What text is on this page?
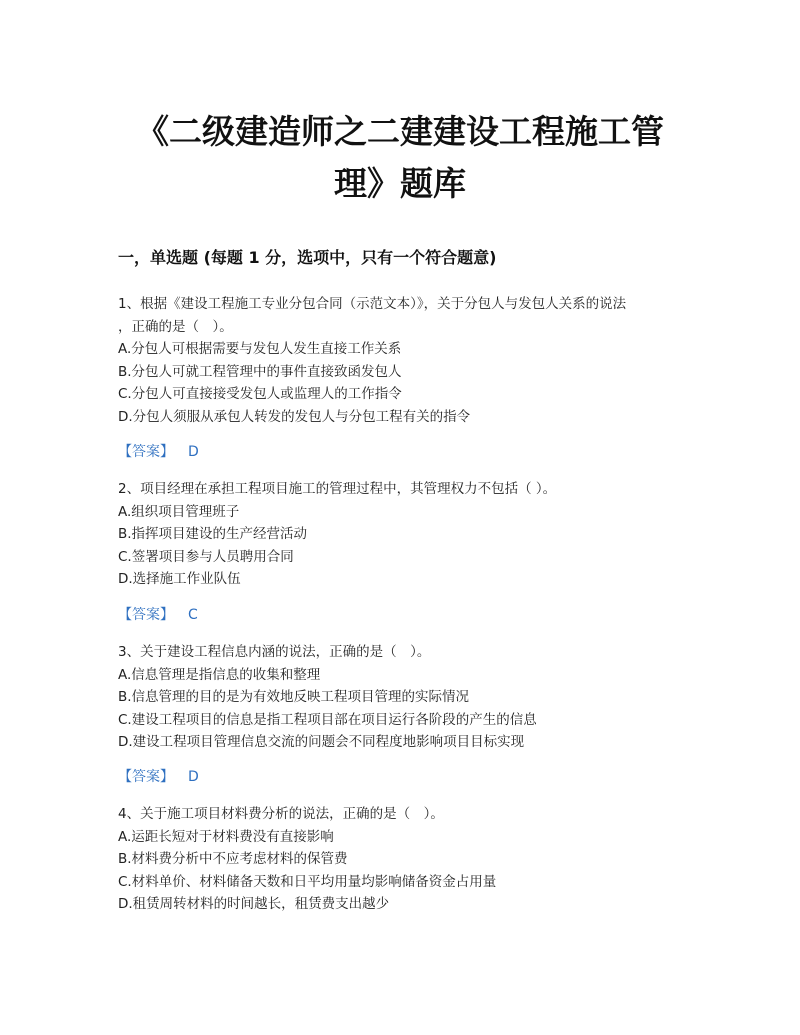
《二级建造师之二建建设工程施工管
理》题库
一，单选题 (每题 1 分，选项中，只有一个符合题意)
1、根据《建设工程施工专业分包合同（示范文本）》，关于分包人与发包人关系的说法
，正确的是（　）。
A.分包人可根据需要与发包人发生直接工作关系
B.分包人可就工程管理中的事件直接致函发包人
C.分包人可直接接受发包人或监理人的工作指令
D.分包人须服从承包人转发的发包人与分包工程有关的指令
【答案】 D
2、项目经理在承担工程项目施工的管理过程中，其管理权力不包括（ ）。
A.组织项目管理班子
B.指挥项目建设的生产经营活动
C.签署项目参与人员聘用合同
D.选择施工作业队伍
【答案】 C
3、关于建设工程信息内涵的说法，正确的是（　）。
A.信息管理是指信息的收集和整理
B.信息管理的目的是为有效地反映工程项目管理的实际情况
C.建设工程项目的信息是指工程项目部在项目运行各阶段的产生的信息
D.建设工程项目管理信息交流的问题会不同程度地影响项目目标实现
【答案】 D
4、关于施工项目材料费分析的说法，正确的是（　）。
A.运距长短对于材料费没有直接影响
B.材料费分析中不应考虑材料的保管费
C.材料单价、材料储备天数和日平均用量均影响储备资金占用量
D.租赁周转材料的时间越长，租赁费支出越少
